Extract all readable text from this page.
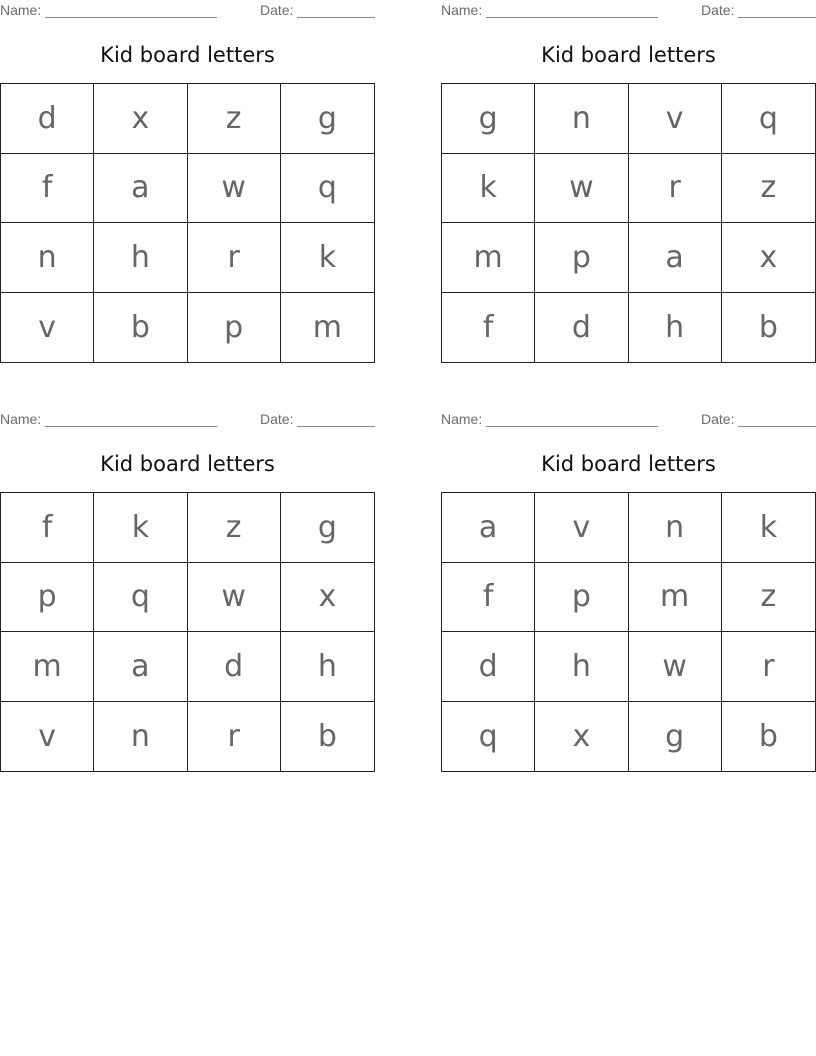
Name:	Date:
Kid board letters
d	x	z	g
f	a	w	q
n	h	r	k
v	b	p	m
Name:	Date:
Kid board letters
g	n	v	q
k	w	r	z
m	p	a	x
f	d	h	b
Name:	Date:
Kid board letters
f	k	z	g
p	q	w	x
m	a	d	h
v	n	r	b
Name:	Date:
Kid board letters
a	v	n	k
f	p	m	z
d	h	w	r
q	x	g	b
